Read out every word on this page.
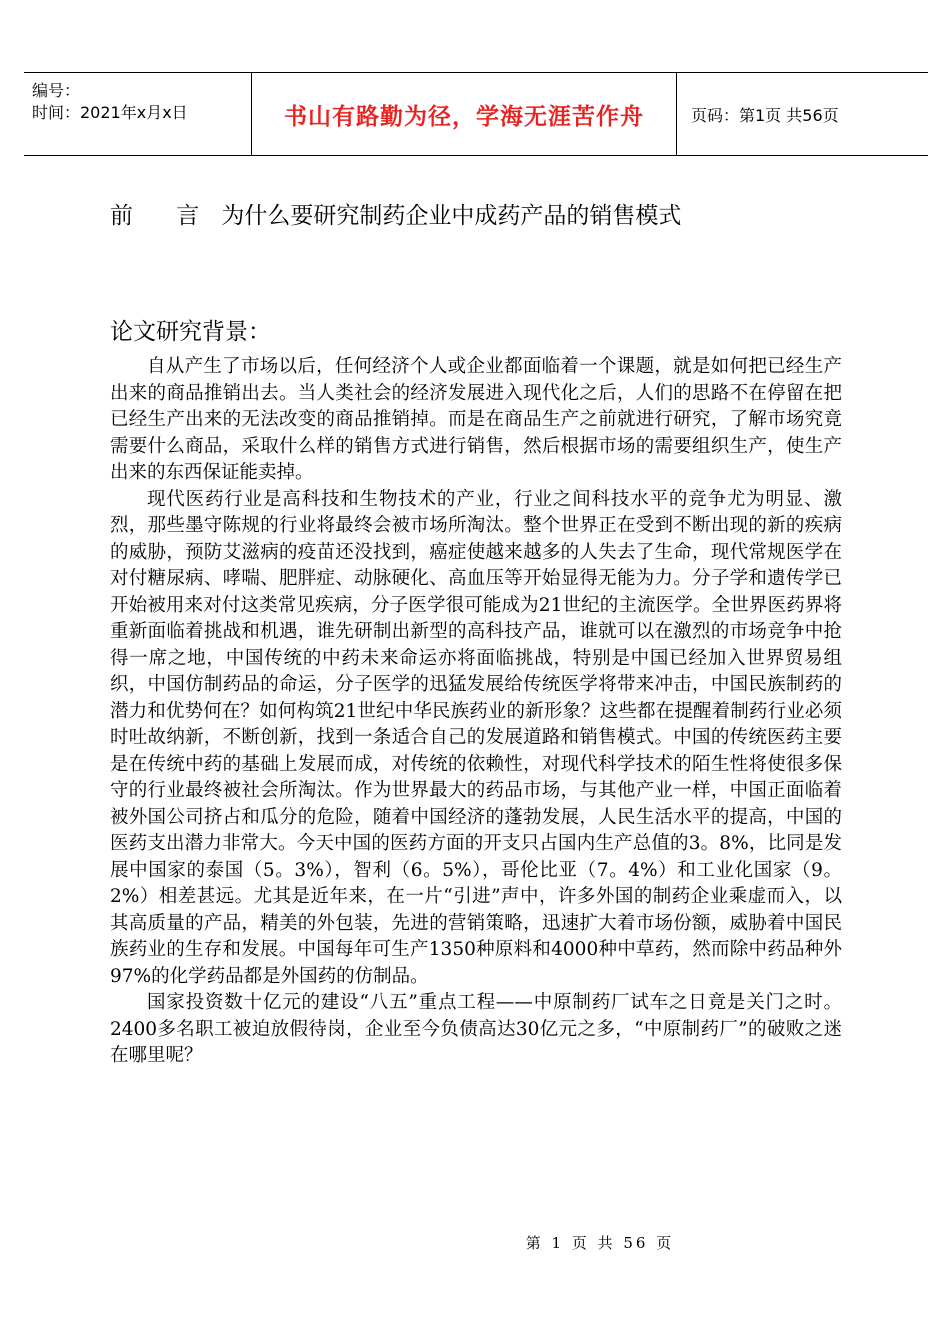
编号：
时间：2021年x月x日	书山有路勤为径，学海无涯苦作舟	页码：第1页 共56页
前 言 为什么要研究制药企业中成药产品的销售模式
论文研究背景：

自从产生了市场以后，任何经济个人或企业都面临着一个课题，就是如何把已经生产出来的商品推销出去。当人类社会的经济发展进入现代化之后，人们的思路不在停留在把已经生产出来的无法改变的商品推销掉。而是在商品生产之前就进行研究，了解市场究竟需要什么商品，采取什么样的销售方式进行销售，然后根据市场的需要组织生产，使生产出来的东西保证能卖掉。

现代医药行业是高科技和生物技术的产业，行业之间科技水平的竞争尤为明显、激烈，那些墨守陈规的行业将最终会被市场所淘汰。整个世界正在受到不断出现的新的疾病的威胁，预防艾滋病的疫苗还没找到，癌症使越来越多的人失去了生命，现代常规医学在对付糖尿病、哮喘、肥胖症、动脉硬化、高血压等开始显得无能为力。分子学和遗传学已开始被用来对付这类常见疾病，分子医学很可能成为21世纪的主流医学。全世界医药界将重新面临着挑战和机遇，谁先研制出新型的高科技产品，谁就可以在激烈的市场竞争中抢得一席之地，中国传统的中药未来命运亦将面临挑战，特别是中国已经加入世界贸易组织，中国仿制药品的命运，分子医学的迅猛发展给传统医学将带来冲击，中国民族制药的潜力和优势何在？如何构筑21世纪中华民族药业的新形象？这些都在提醒着制药行业必须时吐故纳新，不断创新，找到一条适合自己的发展道路和销售模式。中国的传统医药主要是在传统中药的基础上发展而成，对传统的依赖性，对现代科学技术的陌生性将使很多保守的行业最终被社会所淘汰。作为世界最大的药品市场，与其他产业一样，中国正面临着被外国公司挤占和瓜分的危险，随着中国经济的蓬勃发展，人民生活水平的提高，中国的医药支出潜力非常大。今天中国的医药方面的开支只占国内生产总值的3。8%，比同是发展中国家的泰国（5。3%），智利（6。5%），哥伦比亚（7。4%）和工业化国家（9。2%）相差甚远。尤其是近年来，在一片“引进”声中，许多外国的制药企业乘虚而入，以其高质量的产品，精美的外包装，先进的营销策略，迅速扩大着市场份额，威胁着中国民族药业的生存和发展。中国每年可生产1350种原料和4000种中草药，然而除中药品种外97%的化学药品都是外国药的仿制品。

国家投资数十亿元的建设“八五”重点工程——中原制药厂试车之日竟是关门之时。2400多名职工被迫放假待岗，企业至今负债高达30亿元之多，“中原制药厂”的破败之迷在哪里呢？

第 1 页 共 56 页
